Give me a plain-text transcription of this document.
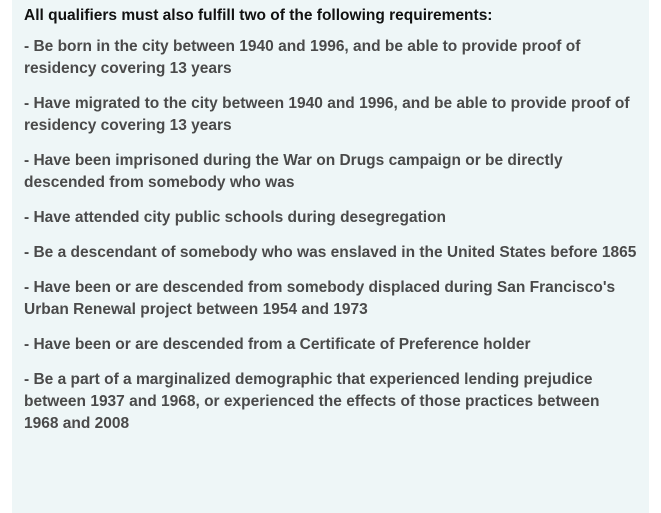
All qualifiers must also fulfill two of the following requirements:
- Be born in the city between 1940 and 1996, and be able to provide proof of residency covering 13 years
- Have migrated to the city between 1940 and 1996, and be able to provide proof of residency covering 13 years
- Have been imprisoned during the War on Drugs campaign or be directly descended from somebody who was
- Have attended city public schools during desegregation
- Be a descendant of somebody who was enslaved in the United States before 1865
- Have been or are descended from somebody displaced during San Francisco's Urban Renewal project between 1954 and 1973
- Have been or are descended from a Certificate of Preference holder
- Be a part of a marginalized demographic that experienced lending prejudice between 1937 and 1968, or experienced the effects of those practices between 1968 and 2008
